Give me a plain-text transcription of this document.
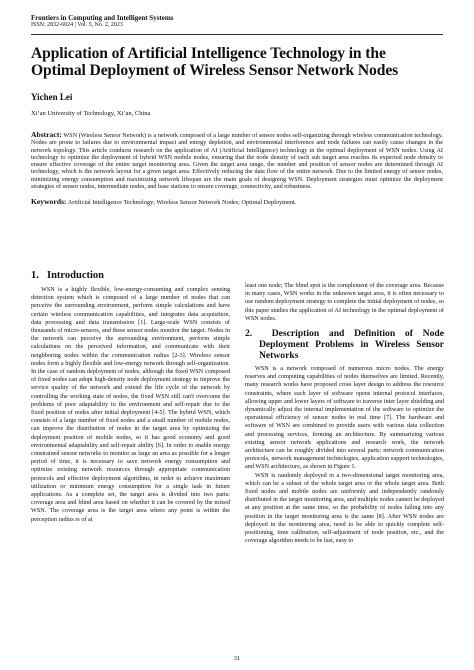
Frontiers in Computing and Intelligent Systems
ISSN: 2832-6024 | Vol. 5, No. 2, 2023
Application of Artificial Intelligence Technology in the Optimal Deployment of Wireless Sensor Network Nodes
Yichen Lei
Xi’an University of Technology, Xi’an, China
Abstract: WSN (Wireless Sensor Network) is a network composed of a large number of sensor nodes self-organizing through wireless communication technology. Nodes are prone to failures due to environmental impact and energy depletion, and environmental interference and node failures can easily cause changes in the network topology. This article conducts research on the application of AI (Artificial Intelligence) technology in the optimal deployment of WSN nodes. Using AI technology to optimize the deployment of hybrid WSN mobile nodes, ensuring that the node density of each sub target area reaches its expected node density to ensure effective coverage of the entire target monitoring area. Given the target area range, the number and position of sensor nodes are determined through AI technology, which is the network layout for a given target area. Effectively reducing the data flow of the entire network. Due to the limited energy of sensor nodes, minimizing energy consumption and maximizing network lifespan are the main goals of designing WSN. Deployment strategies must optimize the deployment strategies of sensor nodes, intermediate nodes, and base stations to ensure coverage, connectivity, and robustness.
Keywords: Artificial Intelligence Technology; Wireless Sensor Network Nodes; Optimal Deployment.
1. Introduction

WSN is a highly flexible, low-energy-consuming and complex sensing detection system which is composed of a large number of nodes that can perceive the surrounding environment, perform simple calculations and have certain wireless communication capabilities, and integrates data acquisition, data processing and data transmission [1]. Large-scale WSN consists of thousands of micro-sensors, and these sensor nodes monitor the target. Nodes in the network can perceive the surrounding environment, perform simple calculations on the perceived information, and communicate with their neighboring nodes within the communication radius [2-3]. Wireless sensor nodes form a highly flexible and low-energy network through self-organization. In the case of random deployment of nodes, although the fixed WSN composed of fixed nodes can adopt high-density node deployment strategy to improve the service quality of the network and extend the life cycle of the network by controlling the working state of nodes, the fixed WSN still can't overcome the problems of poor adaptability to the environment and self-repair due to the fixed position of nodes after initial deployment [4-5]. The hybrid WSN, which consists of a large number of fixed nodes and a small number of mobile nodes, can improve the distribution of nodes in the target area by optimizing the deployment position of mobile nodes, so it has good economy and good environmental adaptability and self-repair ability [6]. In order to enable energy constrained sensor networks to monitor as large an area as possible for a longer period of time, it is necessary to save network energy consumption and optimize existing network resources through appropriate communication protocols and effective deployment algorithms, in order to achieve maximum utilization or minimum energy consumption for a single task in future applications. As a complete set, the target area is divided into two parts: coverage area and blind area based on whether it can be covered by the mixed WSN. The coverage area is the target area where any point is within the perception radius rs of at

least one node; The blind spot is the complement of the coverage area. Because in many cases, WSN works in the unknown target area, it is often necessary to use random deployment strategy to complete the initial deployment of nodes, so this paper studies the application of AI technology in the optimal deployment of WSN nodes.

2. Description and Definition of Node Deployment Problems in Wireless Sensor Networks

WSN is a network composed of numerous micro nodes. The energy reserves and computing capabilities of nodes themselves are limited. Recently, many research works have proposed cross layer design to address the resource constraints, where each layer of software opens internal protocol interfaces, allowing upper and lower layers of software to traverse inter layer shielding and dynamically adjust the internal implementation of the software to optimize the operational efficiency of sensor nodes in real time [7]. The hardware and software of WSN are combined to provide users with various data collection and processing services, forming an architecture. By summarizing various existing sensor network applications and research work, the network architecture can be roughly divided into several parts: network communication protocols, network management technologies, application support technologies, and WSN architecture, as shown in Figure 1.

WSN is randomly deployed in a two-dimensional target monitoring area, which can be a subset of the whole target area or the whole target area. Both fixed nodes and mobile nodes are uniformly and independently randomly distributed in the target monitoring area, and multiple nodes cannot be deployed at any position at the same time, so the probability of nodes falling into any position in the target monitoring area is the same [8]. After WSN nodes are deployed in the monitoring area, need to be able to quickly complete self-positioning, time calibration, self-adjustment of node position, etc., and the coverage algorithm needs to be fast, easy to

31
